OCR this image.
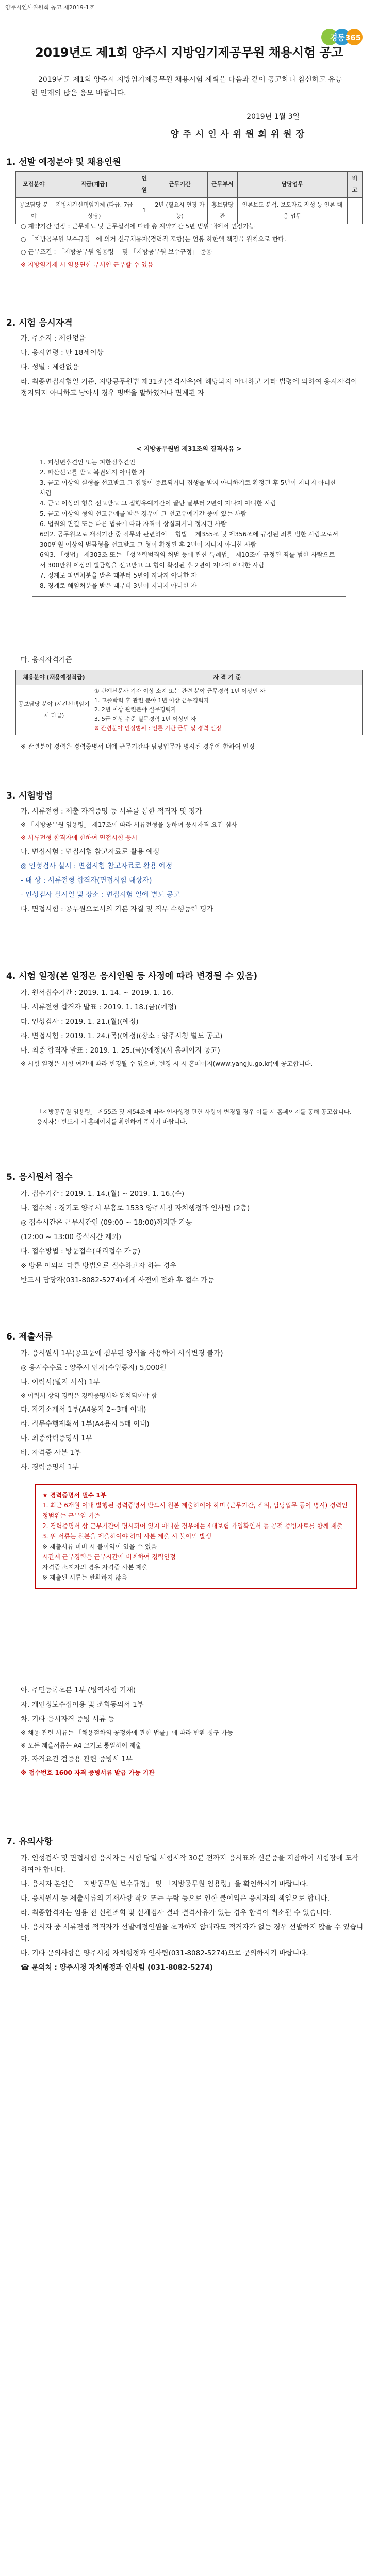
양주시인사위원회 공고 제2019-1호
경동365
2019년도 제1회 양주시 지방임기제공무원 채용시험 공고
2019년도 제1회 양주시 지방임기제공무원 채용시험 계획을 다음과 같이 공고하니 참신하고 유능한 인재의 많은 응모 바랍니다.
2019년 1월 3일
양 주 시 인 사 위 원 회 위 원 장
1. 선발 예정분야 및 채용인원
모집분야	직급(계급)	인원	근무기간	근무부서	담당업무	비고
공보담당 분야	지방시간선택임기제 (다급, 7급상당)	1	2년 (필요시 연장 가능)	홍보담당관	언론보도 분석, 보도자료 작성 등 언론 대응 업무	

○ 계약기간 연장 : 근무해도 및 근무실적에 따라 총 계약기간 5년 범위 내에서 연장가능

○ 「지방공무원 보수규정」에 의거 신규채용자(경력직 포함)는 연봉 하한액 책정을 원칙으로 한다.

○ 근무조건 : 「지방공무원 임용령」 및 「지방공무원 보수규정」 준용

※ 지방임기제 시 임용연한 부서인 근무할 수 있음

2. 시험 응시자격

가. 주소지 : 제한없음

나. 응시연령 : 만 18세이상

다. 성별 : 제한없음

라. 최종면접시험일 기준, 지방공무원법 제31조(결격사유)에 해당되지 아니하고 기타 법령에 의하여 응시자격이 정지되지 아니하고 남아서 경우 명백을 말하였거나 면제된 자

< 지방공무원법 제31조의 결격사유 >
1. 피성년후견인 또는 피한정후견인
2. 파산선고를 받고 복권되지 아니한 자
3. 금고 이상의 실형을 선고받고 그 집행이 종료되거나 집행을 받지 아니하기로 확정된 후 5년이 지나지 아니한 사람
4. 금고 이상의 형을 선고받고 그 집행유예기간이 끝난 날부터 2년이 지나지 아니한 사람
5. 금고 이상의 형의 선고유예를 받은 경우에 그 선고유예기간 중에 있는 사람
6. 법원의 판결 또는 다른 법률에 따라 자격이 상실되거나 정지된 사람
6의2. 공무원으로 재직기간 중 직무와 관련하여 「형법」 제355조 및 제356조에 규정된 죄를 범한 사람으로서 300만원 이상의 벌금형을 선고받고 그 형이 확정된 후 2년이 지나지 아니한 사람
6의3. 「형법」 제303조 또는 「성폭력범죄의 처벌 등에 관한 특례법」 제10조에 규정된 죄를 범한 사람으로서 300만원 이상의 벌금형을 선고받고 그 형이 확정된 후 2년이 지나지 아니한 사람
7. 징계로 파면처분을 받은 때부터 5년이 지나지 아니한 자
8. 징계로 해임처분을 받은 때부터 3년이 지나지 아니한 자
마. 응시자격기준
채용분야 (채용예정직급)	자 격 기 준
공보담당 분야 (시간선택임기제 다급)	① 관계신문사 기자 이상 소지 또는 관련 분야 근무경력 1년 이상인 자
1. 고졸학력 후 관련 분야 1년 이상 근무경력자
2. 2년 이상 관련분야 실무경력자
3. 5급 이상 수준 실무경력 1년 이상인 자
※ 관련분야 인정범위 : 언론 기관 근무 및 경력 인정
※ 관련분야 경력은 경력증명서 내에 근무기간과 담당업무가 명시된 경우에 한하여 인정
3. 시험방법

가. 서류전형 : 제출 자격증명 등 서류를 통한 적격자 및 평가

※ 「지방공무원 임용령」 제17조에 따라 서류전형을 통하여 응시자격 요건 심사

※ 서류전형 합격자에 한하여 면접시험 응시

나. 면접시험 : 면접시험 참고자료로 활용 예정

◎ 인성검사 실시 : 면접시험 참고자료로 활용 예정

- 대 상 : 서류전형 합격자(면접시험 대상자)

- 인성검사 실시일 및 장소 : 면접시험 일에 별도 공고

다. 면접시험 : 공무원으로서의 기본 자질 및 직무 수행능력 평가

4. 시험 일정(본 일정은 응시인원 등 사정에 따라 변경될 수 있음)

가. 원서접수기간 : 2019. 1. 14. ~ 2019. 1. 16.

나. 서류전형 합격자 발표 : 2019. 1. 18.(금)(예정)

다. 인성검사 : 2019. 1. 21.(월)(예정)

라. 면접시험 : 2019. 1. 24.(목)(예정)(장소 : 양주시청 별도 공고)

마. 최종 합격자 발표 : 2019. 1. 25.(금)(예정)(시 홈페이지 공고)

※ 시험 일정은 시험 여건에 따라 변경될 수 있으며, 변경 시 시 홈페이지(www.yangju.go.kr)에 공고합니다.

「지방공무원 임용령」 제55조 및 제54조에 따라 인사행정 관련 사항이 변경될 경우 이를 시 홈페이지를 통해 공고합니다. 응시자는 반드시 시 홈페이지를 확인하여 주시기 바랍니다.
5. 응시원서 접수

가. 접수기간 : 2019. 1. 14.(월) ~ 2019. 1. 16.(수)

나. 접수처 : 경기도 양주시 부흥로 1533 양주시청 자치행정과 인사팀 (2층)

◎ 접수시간은 근무시간인 (09:00 ~ 18:00)까지만 가능

(12:00 ~ 13:00 중식시간 제외)

다. 접수방법 : 방문접수(대리접수 가능)

※ 방문 이외의 다른 방법으로 접수하고자 하는 경우

반드시 담당자(031-8082-5274)에게 사전에 전화 후 접수 가능

6. 제출서류

가. 응시원서 1부(공고문에 첨부된 양식을 사용하여 서식변경 불가)

◎ 응시수수료 : 양주시 인지(수입증지) 5,000원

나. 이력서(별지 서식) 1부

※ 이력서 상의 경력은 경력증명서와 일치되어야 함

다. 자기소개서 1부(A4용지 2~3매 이내)

라. 직무수행계획서 1부(A4용지 5매 이내)

마. 최종학력증명서 1부

바. 자격증 사본 1부

사. 경력증명서 1부

★ 경력증명서 필수 1부
1. 최근 6개월 이내 발행된 경력증명서 반드시 원본 제출하여야 하며 (근무기간, 직위, 담당업무 등이 명시) 경력인정범위는 근무일 기준
2. 경력증명서 상 근무기간이 명시되어 있지 아니한 경우에는 4대보험 가입확인서 등 공적 증빙자료를 함께 제출
3. 위 서류는 원본을 제출하여야 하며 사본 제출 시 불이익 발생
※ 제출서류 미비 시 불이익이 있을 수 있음
시간제 근무경력은 근무시간에 비례하여 경력인정
자격증 소지자의 경우 자격증 사본 제출
※ 제출된 서류는 반환하지 않음

아. 주민등록초본 1부 (병역사항 기재)

자. 개인정보수집이용 및 조회동의서 1부

차. 기타 응시자격 증빙 서류 등

※ 채용 관련 서류는 「채용절차의 공정화에 관한 법률」에 따라 반환 청구 가능

※ 모든 제출서류는 A4 크기로 통일하여 제출

카. 자격요건 검증용 관련 증빙서 1부

※ 접수번호 1600 자격 증빙서류 발급 가능 기관

7. 유의사항

가. 인성검사 및 면접시험 응시자는 시험 당일 시험시작 30분 전까지 응시표와 신분증을 지참하여 시험장에 도착하여야 합니다.

나. 응시자 본인은 「지방공무원 보수규정」 및 「지방공무원 임용령」을 확인하시기 바랍니다.

다. 응시원서 등 제출서류의 기재사항 착오 또는 누락 등으로 인한 불이익은 응시자의 책임으로 합니다.

라. 최종합격자는 임용 전 신원조회 및 신체검사 결과 결격사유가 있는 경우 합격이 취소될 수 있습니다.

마. 응시자 중 서류전형 적격자가 선발예정인원을 초과하지 않더라도 적격자가 없는 경우 선발하지 않을 수 있습니다.

바. 기타 문의사항은 양주시청 자치행정과 인사팀(031-8082-5274)으로 문의하시기 바랍니다.

☎ 문의처 : 양주시청 자치행정과 인사팀 (031-8082-5274)
